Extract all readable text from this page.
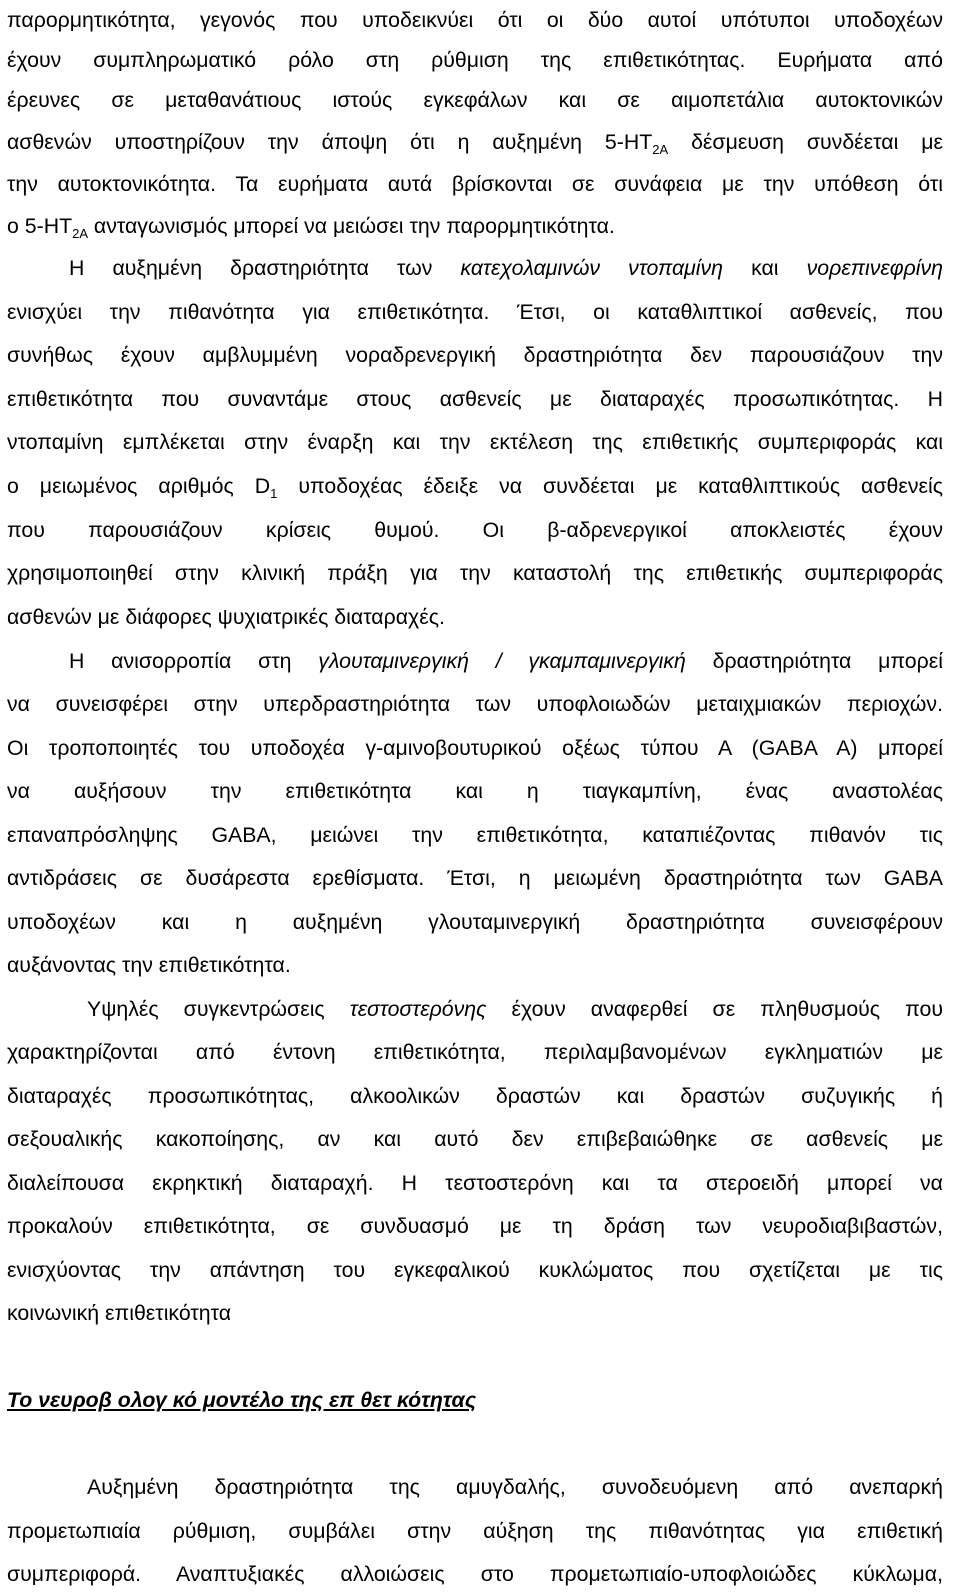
παρορμητικότητα, γεγονός που υποδεικνύει ότι οι δύο αυτοί υπότυποι υποδοχέων
έχουν συμπληρωματικό ρόλο στη ρύθμιση της επιθετικότητας. Ευρήματα από
έρευνες σε μεταθανάτιους ιστούς εγκεφάλων και σε αιμοπετάλια αυτοκτονικών
ασθενών υποστηρίζουν την άποψη ότι η αυξημένη $5-HT_{2A}$ δέσμευση συνδέεται με
την αυτοκτονικότητα. Τα ευρήματα αυτά βρίσκονται σε συνάφεια με την υπόθεση ότι
ο $5-HT_{2A}$ ανταγωνισμός μπορεί να μειώσει την παρορμητικότητα.
Η αυξημένη δραστηριότητα των κατεχολαμινών ντοπαμίνη και νορεπινεφρίνη
ενισχύει την πιθανότητα για επιθετικότητα. Έτσι, οι καταθλιπτικοί ασθενείς, που
συνήθως έχουν αμβλυμμένη νοραδρενεργική δραστηριότητα δεν παρουσιάζουν την
επιθετικότητα που συναντάμε στους ασθενείς με διαταραχές προσωπικότητας. Η
ντοπαμίνη εμπλέκεται στην έναρξη και την εκτέλεση της επιθετικής συμπεριφοράς και
ο μειωμένος αριθμός $D_1$ υποδοχέας έδειξε να συνδέεται με καταθλιπτικούς ασθενείς
που παρουσιάζουν κρίσεις θυμού. Οι β-αδρενεργικοί αποκλειστές έχουν
χρησιμοποιηθεί στην κλινική πράξη για την καταστολή της επιθετικής συμπεριφοράς
ασθενών με διάφορες ψυχιατρικές διαταραχές.
Η ανισορροπία στη γλουταμινεργική / γκαμπαμινεργική δραστηριότητα μπορεί
να συνεισφέρει στην υπερδραστηριότητα των υποφλοιωδών μεταιχμιακών περιοχών.
Οι τροποποιητές του υποδοχέα γ-αμινοβουτυρικού οξέως τύπου Α (GABA A) μπορεί
να αυξήσουν την επιθετικότητα και η τιαγκαμπίνη, ένας αναστολέας
επαναπρόσληψης GABA, μειώνει την επιθετικότητα, καταπιέζοντας πιθανόν τις
αντιδράσεις σε δυσάρεστα ερεθίσματα. Έτσι, η μειωμένη δραστηριότητα των GABA
υποδοχέων και η αυξημένη γλουταμινεργική δραστηριότητα συνεισφέρουν
αυξάνοντας την επιθετικότητα.
Υψηλές συγκεντρώσεις τεστοστερόνης έχουν αναφερθεί σε πληθυσμούς που
χαρακτηρίζονται από έντονη επιθετικότητα, περιλαμβανομένων εγκληματιών με
διαταραχές προσωπικότητας, αλκοολικών δραστών και δραστών συζυγικής ή
σεξουαλικής κακοποίησης, αν και αυτό δεν επιβεβαιώθηκε σε ασθενείς με
διαλείπουσα εκρηκτική διαταραχή. Η τεστοστερόνη και τα στεροειδή μπορεί να
προκαλούν επιθετικότητα, σε συνδυασμό με τη δράση των νευροδιαβιβαστών,
ενισχύοντας την απάντηση του εγκεφαλικού κυκλώματος που σχετίζεται με τις
κοινωνική επιθετικότητα
Το νευροβ ολογ κό μοντέλο της επ θετ κότητας
Αυξημένη δραστηριότητα της αμυγδαλής, συνοδευόμενη από ανεπαρκή
προμετωπιαία ρύθμιση, συμβάλει στην αύξηση της πιθανότητας για επιθετική
συμπεριφορά. Αναπτυξιακές αλλοιώσεις στο προμετωπιαίο-υποφλοιώδες κύκλωμα,
